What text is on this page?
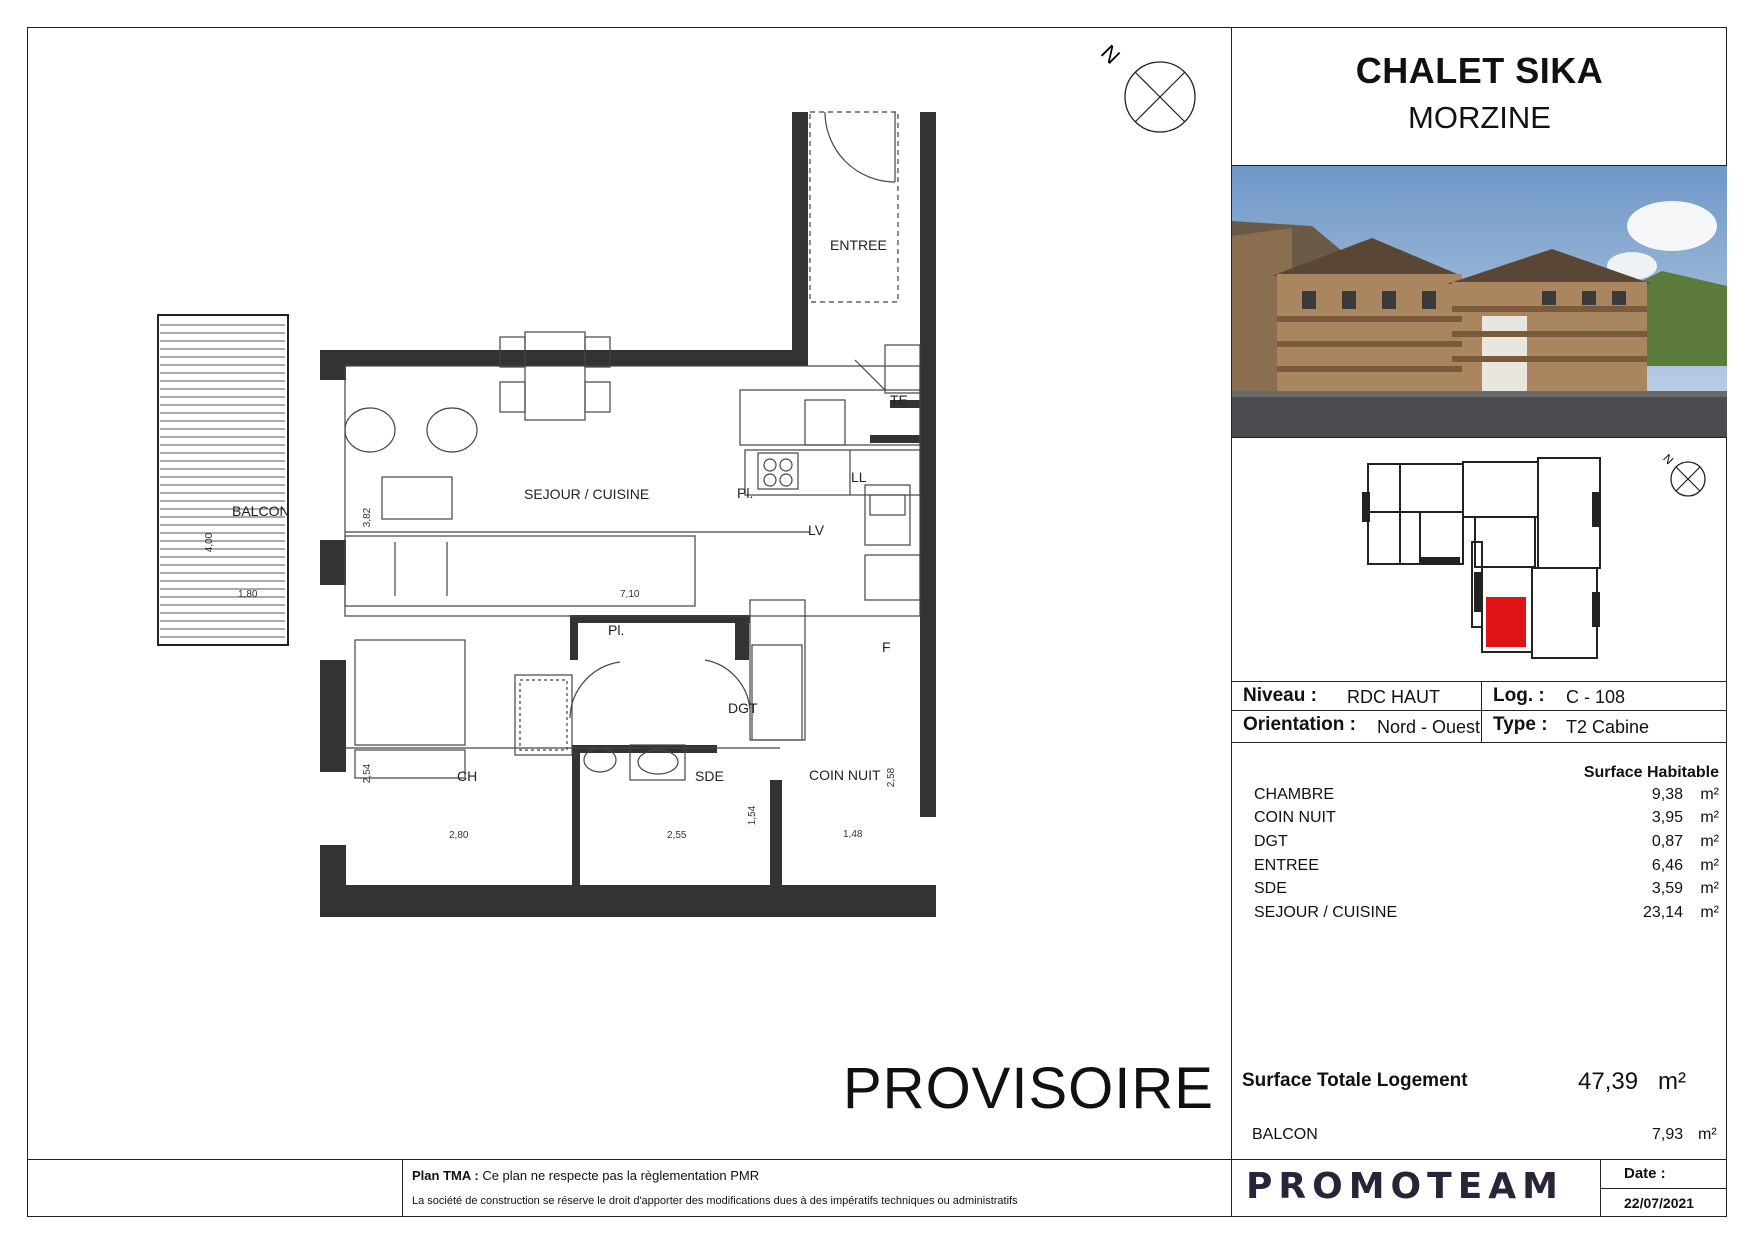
CHALET SIKA
MORZINE
N
Niveau : RDC HAUT	Log. : C - 108
Orientation : Nord - Ouest Type : T2 Cabine
Surface Habitable
CHAMBRE	9,38 m²
COIN NUIT	3,95 m²
DGT	0,87 m²
ENTREE	6,46 m²
SDE	3,59 m²
SEJOUR / CUISINE	23,14 m²
Surface Totale Logement	47,39 m²
BALCON	7,93 m²
Plan TMA : Ce plan ne respecte pas la règlementation PMR
La société de construction se réserve le droit d'apporter des modifications dues à des impératifs techniques ou administratifs	PROMOTEAM	Date :
22/07/2021
N
ENTREE
TE
LL
Pl.
LV
SEJOUR / CUISINE
BALCON
Pl.
F
DGT
CH	SDE	COIN NUIT
3,82
4,00
1,80	7,10
2,54
2,80	2,55
1,54
2,58
1,48
PROVISOIRE
